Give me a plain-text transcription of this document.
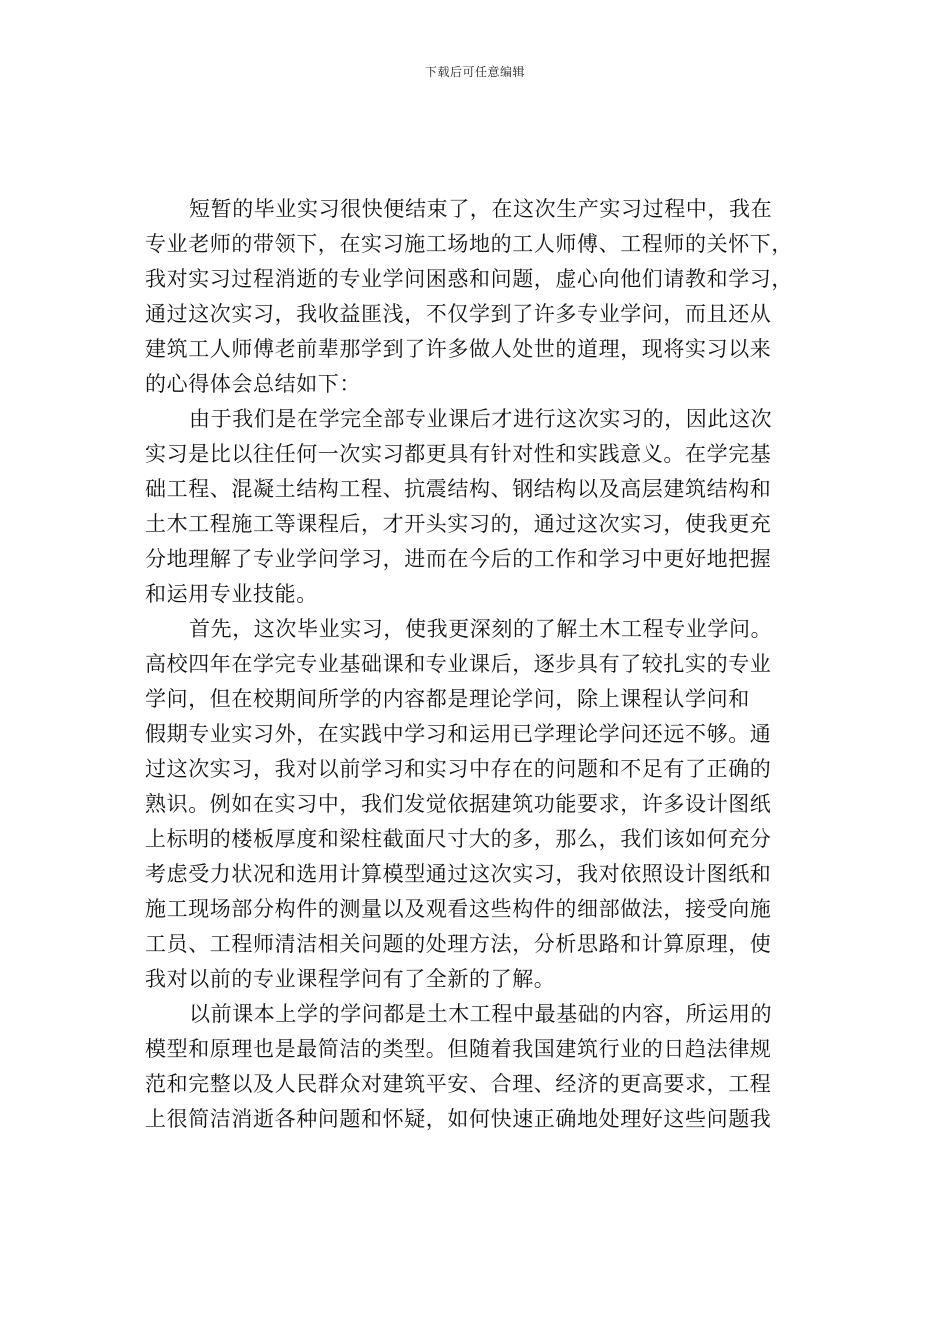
下载后可任意编辑
短暂的毕业实习很快便结束了，在这次生产实习过程中，我在
专业老师的带领下，在实习施工场地的工人师傅、工程师的关怀下，
我对实习过程消逝的专业学问困惑和问题，虚心向他们请教和学习，
通过这次实习，我收益匪浅，不仅学到了许多专业学问，而且还从
建筑工人师傅老前辈那学到了许多做人处世的道理，现将实习以来
的心得体会总结如下：
由于我们是在学完全部专业课后才进行这次实习的，因此这次
实习是比以往任何一次实习都更具有针对性和实践意义。在学完基
础工程、混凝土结构工程、抗震结构、钢结构以及高层建筑结构和
土木工程施工等课程后，才开头实习的，通过这次实习，使我更充
分地理解了专业学问学习，进而在今后的工作和学习中更好地把握
和运用专业技能。
首先，这次毕业实习，使我更深刻的了解土木工程专业学问。
高校四年在学完专业基础课和专业课后，逐步具有了较扎实的专业
学问，但在校期间所学的内容都是理论学问，除上课程认学问和
假期专业实习外，在实践中学习和运用已学理论学问还远不够。通
过这次实习，我对以前学习和实习中存在的问题和不足有了正确的
熟识。例如在实习中，我们发觉依据建筑功能要求，许多设计图纸
上标明的楼板厚度和梁柱截面尺寸大的多，那么，我们该如何充分
考虑受力状况和选用计算模型通过这次实习，我对依照设计图纸和
施工现场部分构件的测量以及观看这些构件的细部做法，接受向施
工员、工程师清洁相关问题的处理方法，分析思路和计算原理，使
我对以前的专业课程学问有了全新的了解。
以前课本上学的学问都是土木工程中最基础的内容，所运用的
模型和原理也是最简洁的类型。但随着我国建筑行业的日趋法律规
范和完整以及人民群众对建筑平安、合理、经济的更高要求，工程
上很简洁消逝各种问题和怀疑，如何快速正确地处理好这些问题我
